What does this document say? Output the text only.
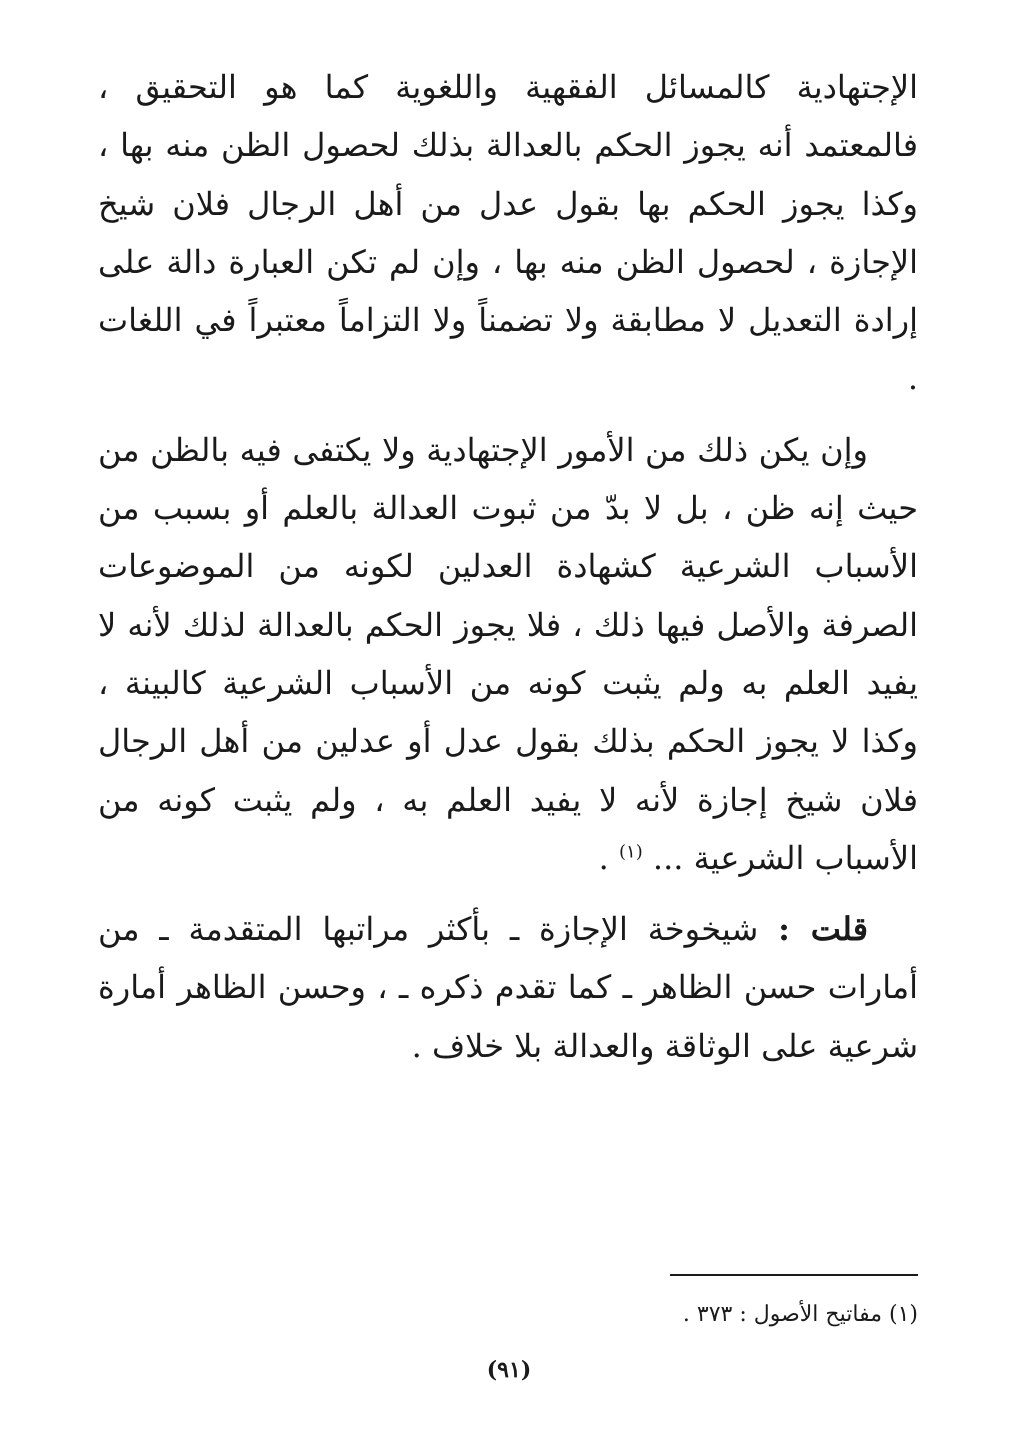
الإجتهادية كالمسائل الفقهية واللغوية كما هو التحقيق ، فالمعتمد أنه يجوز الحكم بالعدالة بذلك لحصول الظن منه بها ، وكذا يجوز الحكم بها بقول عدل من أهل الرجال فلان شيخ الإجازة ، لحصول الظن منه بها ، وإن لم تكن العبارة دالة على إرادة التعديل لا مطابقة ولا تضمناً ولا التزاماً معتبراً في اللغات .

وإن يكن ذلك من الأمور الإجتهادية ولا يكتفى فيه بالظن من حيث إنه ظن ، بل لا بدّ من ثبوت العدالة بالعلم أو بسبب من الأسباب الشرعية كشهادة العدلين لكونه من الموضوعات الصرفة والأصل فيها ذلك ، فلا يجوز الحكم بالعدالة لذلك لأنه لا يفيد العلم به ولم يثبت كونه من الأسباب الشرعية كالبينة ، وكذا لا يجوز الحكم بذلك بقول عدل أو عدلين من أهل الرجال فلان شيخ إجازة لأنه لا يفيد العلم به ، ولم يثبت كونه من الأسباب الشرعية ... $^{(١)}$ .

قلت : شيخوخة الإجازة ـ بأكثر مراتبها المتقدمة ـ من أمارات حسن الظاهر ـ كما تقدم ذكره ـ ، وحسن الظاهر أمارة شرعية على الوثاقة والعدالة بلا خلاف .

(١) مفاتيح الأصول : ٣٧٣ .
(٩١)
